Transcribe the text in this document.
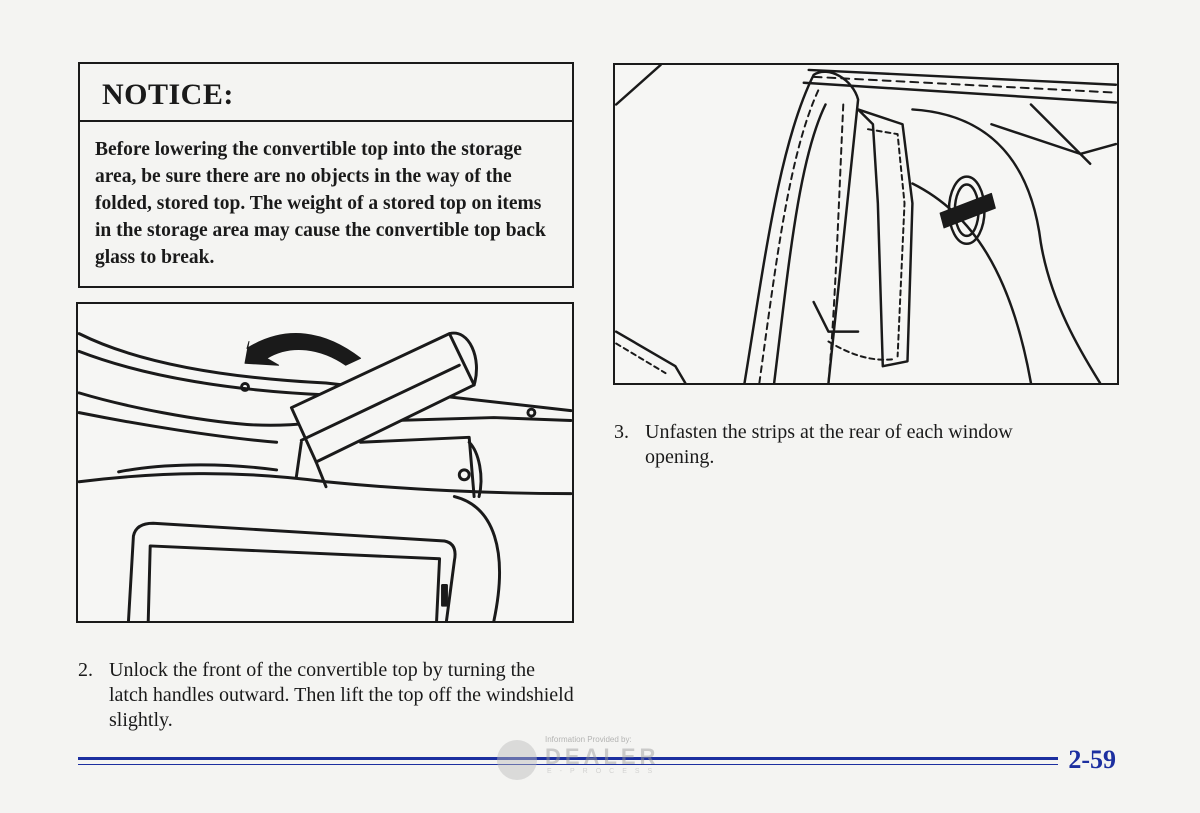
NOTICE:
Before lowering the convertible top into the storage area, be sure there are no objects in the way of the folded, stored top. The weight of a stored top on items in the storage area may cause the convertible top back glass to break.
2. Unlock the front of the convertible top by turning the latch handles outward. Then lift the top off the windshield slightly.
3. Unfasten the strips at the rear of each window opening.
2-59
Information Provided by:
DEALER
E-PROCESS
